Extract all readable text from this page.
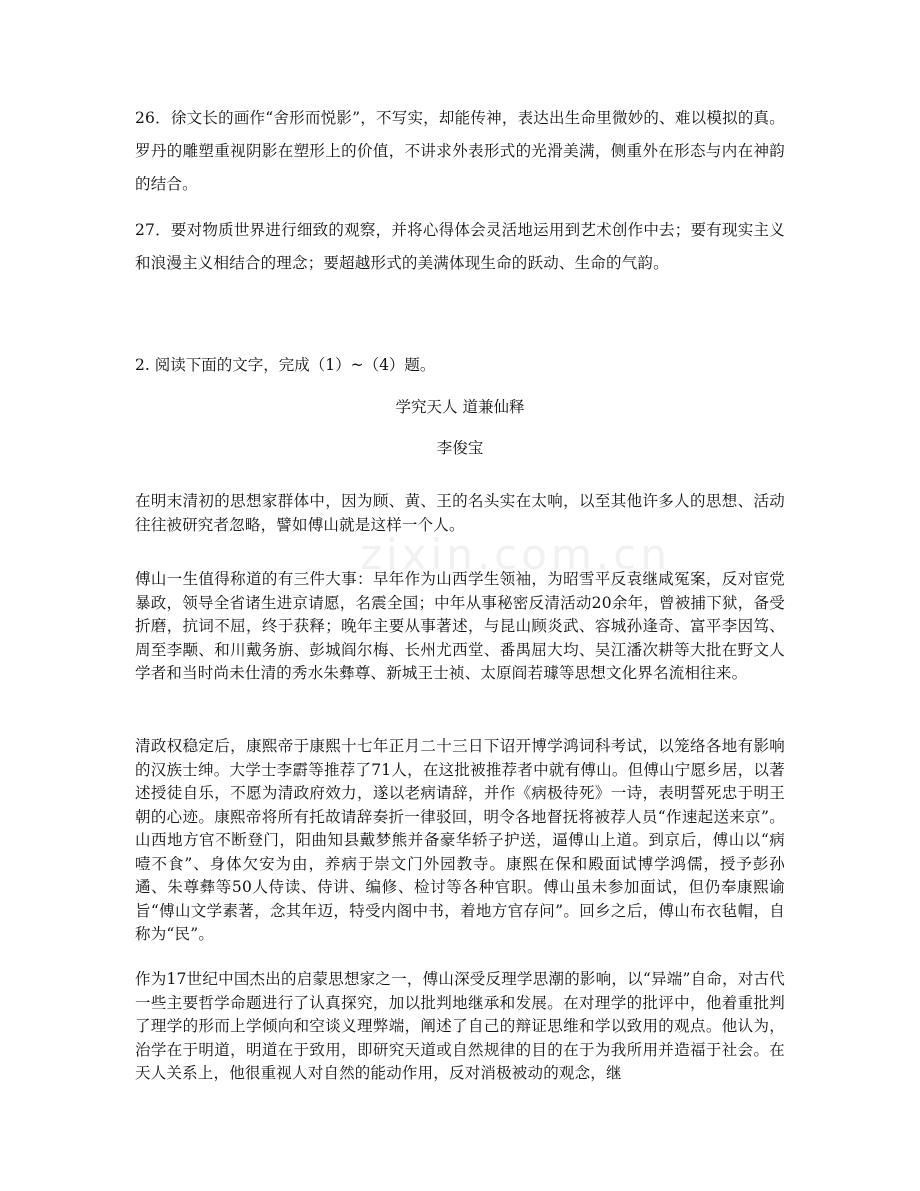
zixin.com.cn

26．徐文长的画作“舍形而悦影”，不写实，却能传神，表达出生命里微妙的、难以模拟的真。罗丹的雕塑重视阴影在塑形上的价值，不讲求外表形式的光滑美满，侧重外在形态与内在神韵的结合。

27．要对物质世界进行细致的观察，并将心得体会灵活地运用到艺术创作中去；要有现实主义和浪漫主义相结合的理念；要超越形式的美满体现生命的跃动、生命的气韵。

2. 阅读下面的文字，完成（1）~（4）题。

学究天人 道兼仙释

李俊宝

在明末清初的思想家群体中，因为顾、黄、王的名头实在太响，以至其他许多人的思想、活动往往被研究者忽略，譬如傅山就是这样一个人。

傅山一生值得称道的有三件大事：早年作为山西学生领袖，为昭雪平反袁继咸冤案，反对宦党暴政，领导全省诸生进京请愿，名震全国；中年从事秘密反清活动20余年，曾被捕下狱，备受折磨，抗词不屈，终于获释；晚年主要从事著述，与昆山顾炎武、容城孙逢奇、富平李因笃、周至李颙、和川戴务旃、彭城阎尔梅、长州尤西堂、番禺屈大均、吴江潘次耕等大批在野文人学者和当时尚未仕清的秀水朱彝尊、新城王士祯、太原阎若璩等思想文化界名流相往来。

清政权稳定后，康熙帝于康熙十七年正月二十三日下诏开博学鸿词科考试，以笼络各地有影响的汉族士绅。大学士李霨等推荐了71人，在这批被推荐者中就有傅山。但傅山宁愿乡居，以著述授徒自乐，不愿为清政府效力，遂以老病请辞，并作《病极待死》一诗，表明誓死忠于明王朝的心迹。康熙帝将所有托故请辞奏折一律驳回，明令各地督抚将被荐人员“作速起送来京”。山西地方官不断登门，阳曲知县戴梦熊并备豪华轿子护送，逼傅山上道。到京后，傅山以“病噎不食”、身体欠安为由，养病于崇文门外园教寺。康熙在保和殿面试博学鸿儒，授予彭孙遹、朱尊彝等50人侍读、侍讲、编修、检讨等各种官职。傅山虽未参加面试，但仍奉康熙谕旨“傅山文学素著，念其年迈，特受内阁中书，着地方官存问”。回乡之后，傅山布衣毡帽，自称为“民”。

作为17世纪中国杰出的启蒙思想家之一，傅山深受反理学思潮的影响，以“异端”自命，对古代一些主要哲学命题进行了认真探究，加以批判地继承和发展。在对理学的批评中，他着重批判了理学的形而上学倾向和空谈义理弊端，阐述了自己的辩证思维和学以致用的观点。他认为，治学在于明道，明道在于致用，即研究天道或自然规律的目的在于为我所用并造福于社会。在天人关系上，他很重视人对自然的能动作用，反对消极被动的观念，继
